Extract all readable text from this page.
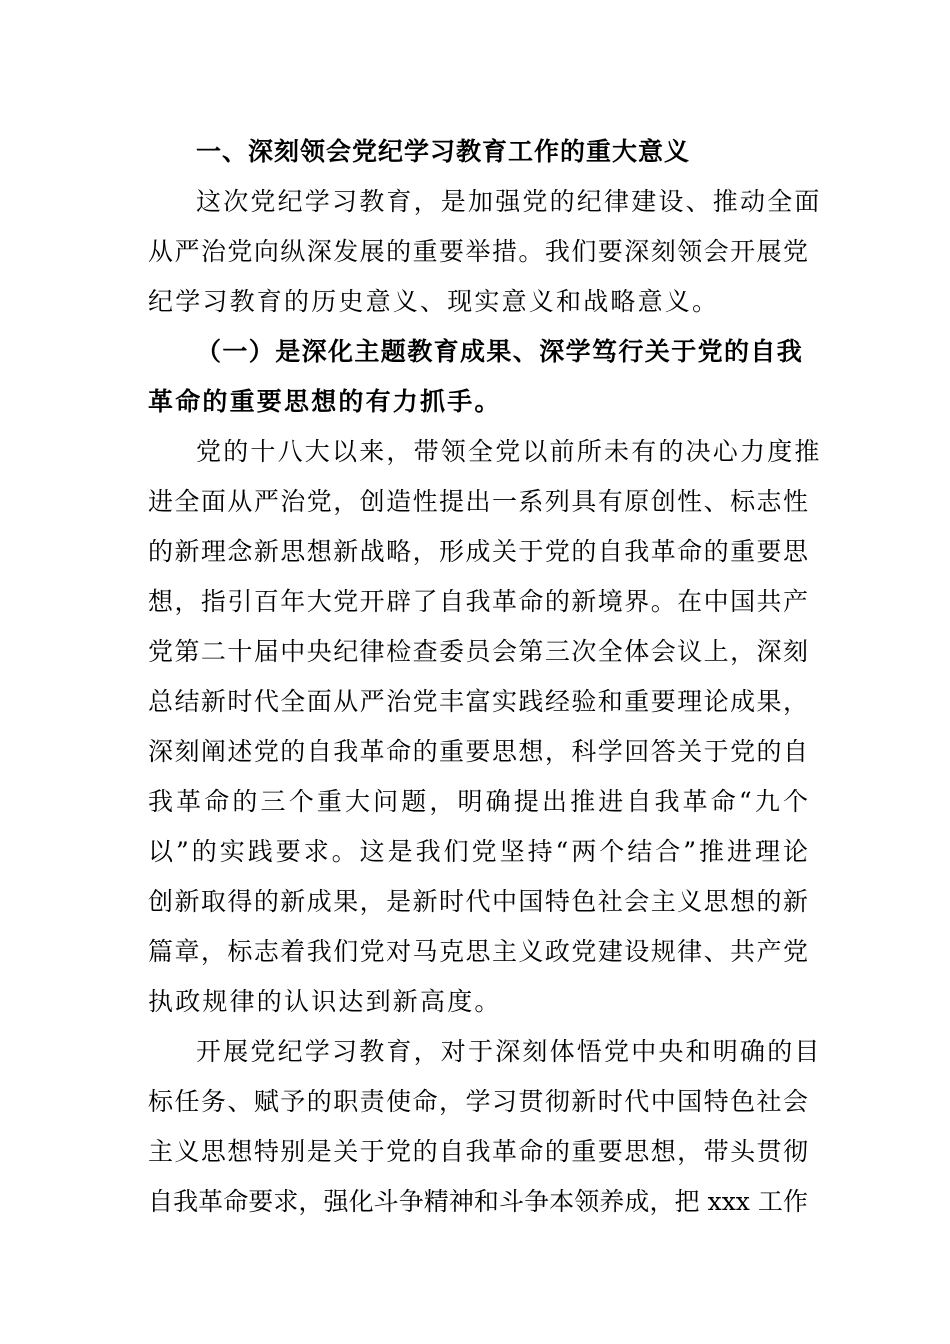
一、深刻领会党纪学习教育工作的重大意义
这次党纪学习教育，是加强党的纪律建设、推动全面
从严治党向纵深发展的重要举措。我们要深刻领会开展党
纪学习教育的历史意义、现实意义和战略意义。
（一）是深化主题教育成果、深学笃行关于党的自我
革命的重要思想的有力抓手。
党的十八大以来，带领全党以前所未有的决心力度推
进全面从严治党，创造性提出一系列具有原创性、标志性
的新理念新思想新战略，形成关于党的自我革命的重要思
想，指引百年大党开辟了自我革命的新境界。在中国共产
党第二十届中央纪律检查委员会第三次全体会议上，深刻
总结新时代全面从严治党丰富实践经验和重要理论成果，
深刻阐述党的自我革命的重要思想，科学回答关于党的自
我革命的三个重大问题，明确提出推进自我革命“九个
以”的实践要求。这是我们党坚持“两个结合”推进理论
创新取得的新成果，是新时代中国特色社会主义思想的新
篇章，标志着我们党对马克思主义政党建设规律、共产党
执政规律的认识达到新高度。
开展党纪学习教育，对于深刻体悟党中央和明确的目
标任务、赋予的职责使命，学习贯彻新时代中国特色社会
主义思想特别是关于党的自我革命的重要思想，带头贯彻
自我革命要求，强化斗争精神和斗争本领养成，把 xxx 工作
